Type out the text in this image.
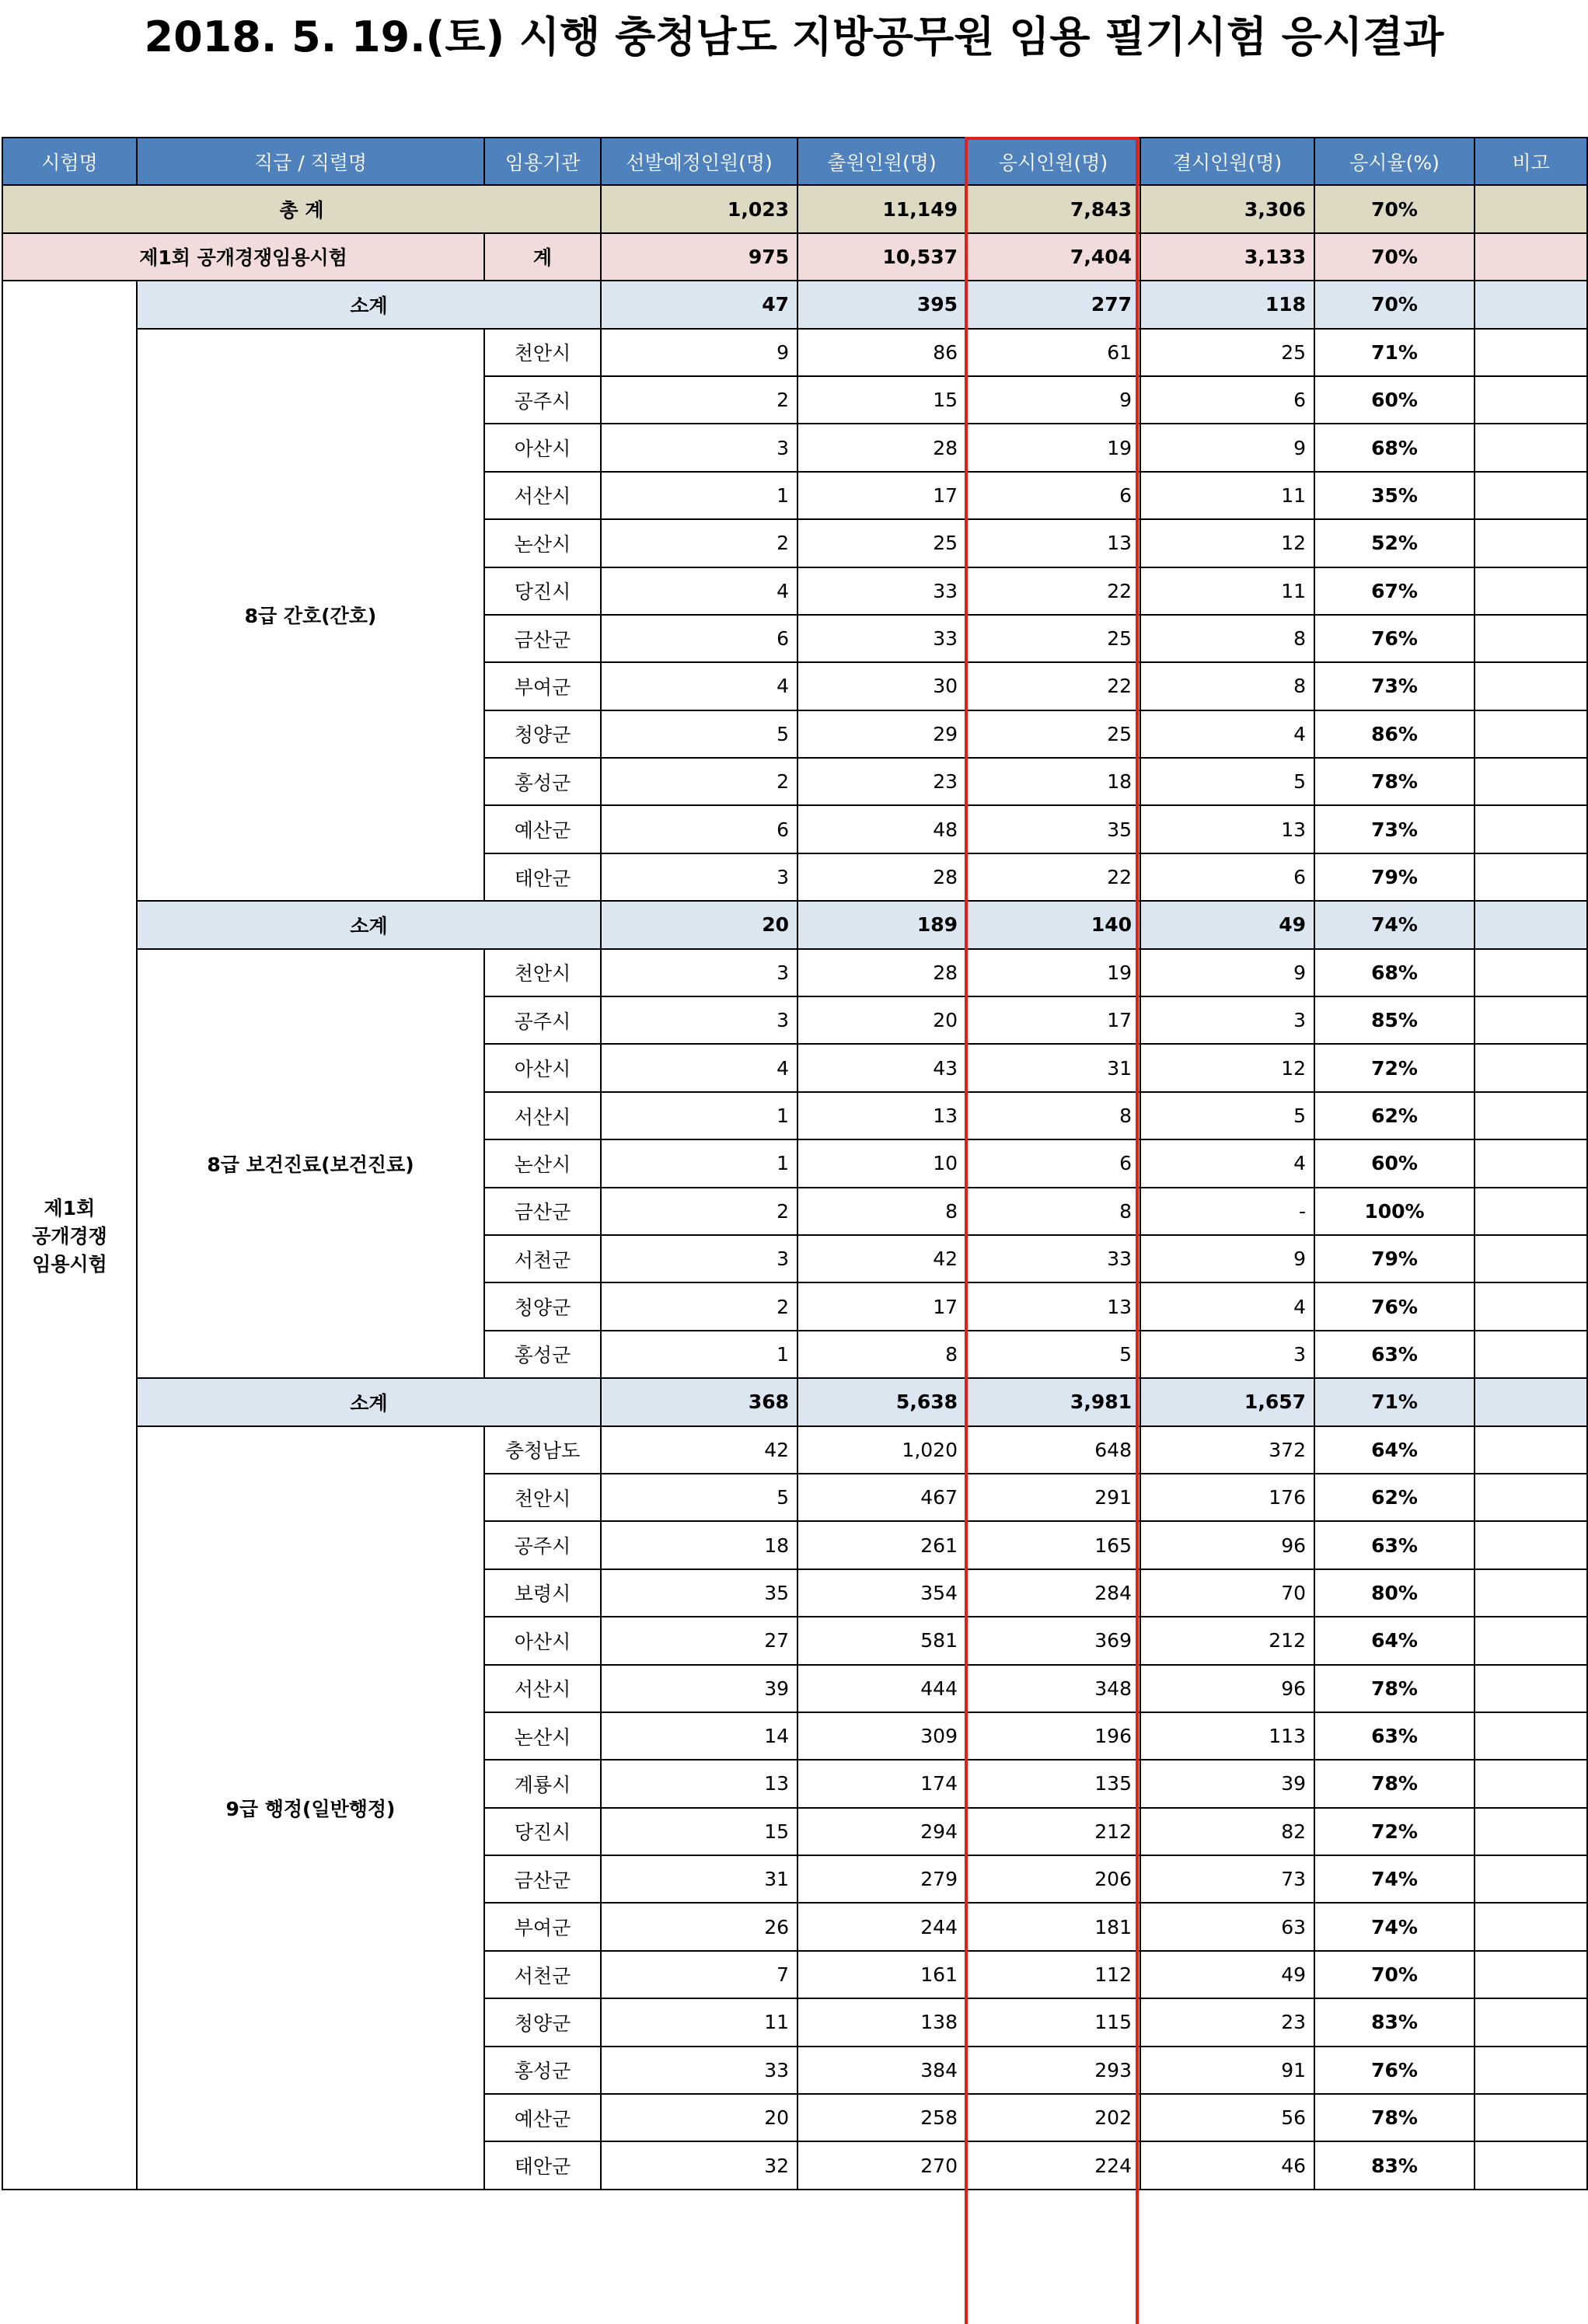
2018. 5. 19.(토) 시행 충청남도 지방공무원 임용 필기시험 응시결과
시험명	직급 / 직렬명	임용기관	선발예정인원(명)	출원인원(명)	응시인원(명)	결시인원(명)	응시율(%)	비고
총 계			1,023	11,149	7,843	3,306	70%	
제1회 공개경쟁임용시험		계	975	10,537	7,404	3,133	70%	

제1회
공개경쟁
임용시험	소계		47	395	277	118	70%	
	8급 간호(간호)	천안시	9	86	61	25	71%	
		공주시	2	15	9	6	60%	
		아산시	3	28	19	9	68%	
		서산시	1	17	6	11	35%	
		논산시	2	25	13	12	52%	
		당진시	4	33	22	11	67%	
		금산군	6	33	25	8	76%	
		부여군	4	30	22	8	73%	
		청양군	5	29	25	4	86%	
		홍성군	2	23	18	5	78%	
		예산군	6	48	35	13	73%	
		태안군	3	28	22	6	79%	
	소계		20	189	140	49	74%	
	8급 보건진료(보건진료)	천안시	3	28	19	9	68%	
		공주시	3	20	17	3	85%	
		아산시	4	43	31	12	72%	
		서산시	1	13	8	5	62%	
		논산시	1	10	6	4	60%	
		금산군	2	8	8	-	100%	
		서천군	3	42	33	9	79%	
		청양군	2	17	13	4	76%	
		홍성군	1	8	5	3	63%	
	소계		368	5,638	3,981	1,657	71%	
	9급 행정(일반행정)	충청남도	42	1,020	648	372	64%	
		천안시	5	467	291	176	62%	
		공주시	18	261	165	96	63%	
		보령시	35	354	284	70	80%	
		아산시	27	581	369	212	64%	
		서산시	39	444	348	96	78%	
		논산시	14	309	196	113	63%	
		계룡시	13	174	135	39	78%	
		당진시	15	294	212	82	72%	
		금산군	31	279	206	73	74%	
		부여군	26	244	181	63	74%	
		서천군	7	161	112	49	70%	
		청양군	11	138	115	23	83%	
		홍성군	33	384	293	91	76%	
		예산군	20	258	202	56	78%	
		태안군	32	270	224	46	83%	
